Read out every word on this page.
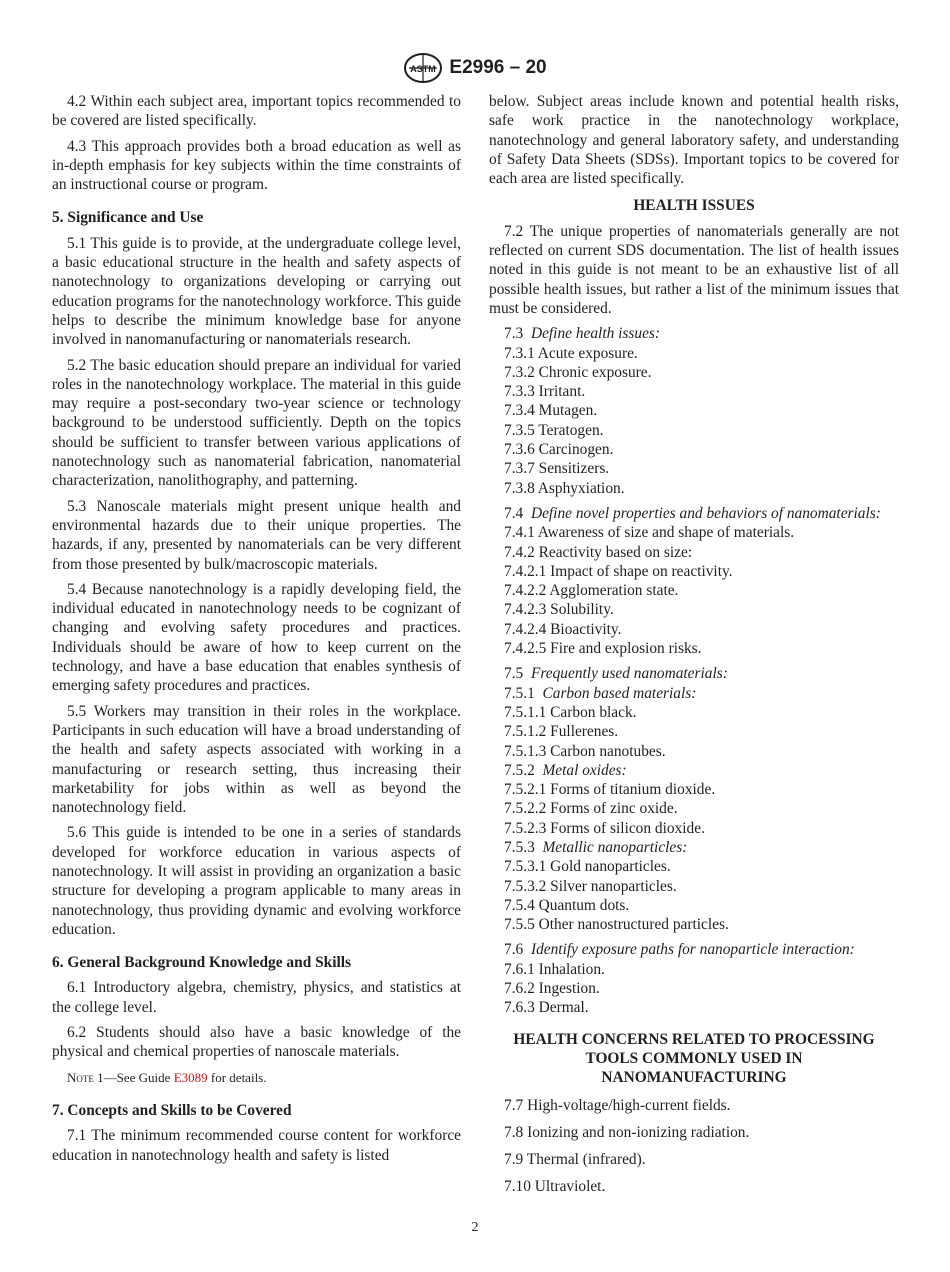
ASTM E2996 – 20

4.2 Within each subject area, important topics recommended to be covered are listed specifically.

4.3 This approach provides both a broad education as well as in-depth emphasis for key subjects within the time constraints of an instructional course or program.

5. Significance and Use

5.1 This guide is to provide, at the undergraduate college level, a basic educational structure in the health and safety aspects of nanotechnology to organizations developing or carrying out education programs for the nanotechnology workforce. This guide helps to describe the minimum knowledge base for anyone involved in nanomanufacturing or nanomaterials research.

5.2 The basic education should prepare an individual for varied roles in the nanotechnology workplace. The material in this guide may require a post-secondary two-year science or technology background to be understood sufficiently. Depth on the topics should be sufficient to transfer between various applications of nanotechnology such as nanomaterial fabrication, nanomaterial characterization, nanolithography, and patterning.

5.3 Nanoscale materials might present unique health and environmental hazards due to their unique properties. The hazards, if any, presented by nanomaterials can be very different from those presented by bulk/macroscopic materials.

5.4 Because nanotechnology is a rapidly developing field, the individual educated in nanotechnology needs to be cognizant of changing and evolving safety procedures and practices. Individuals should be aware of how to keep current on the technology, and have a base education that enables synthesis of emerging safety procedures and practices.

5.5 Workers may transition in their roles in the workplace. Participants in such education will have a broad understanding of the health and safety aspects associated with working in a manufacturing or research setting, thus increasing their marketability for jobs within as well as beyond the nanotechnology field.

5.6 This guide is intended to be one in a series of standards developed for workforce education in various aspects of nanotechnology. It will assist in providing an organization a basic structure for developing a program applicable to many areas in nanotechnology, thus providing dynamic and evolving workforce education.

6. General Background Knowledge and Skills

6.1 Introductory algebra, chemistry, physics, and statistics at the college level.

6.2 Students should also have a basic knowledge of the physical and chemical properties of nanoscale materials.

Note 1—See Guide E3089 for details.
7. Concepts and Skills to be Covered

7.1 The minimum recommended course content for workforce education in nanotechnology health and safety is listed

below. Subject areas include known and potential health risks, safe work practice in the nanotechnology workplace, nanotechnology and general laboratory safety, and understanding of Safety Data Sheets (SDSs). Important topics to be covered for each area are listed specifically.

HEALTH ISSUES

7.2 The unique properties of nanomaterials generally are not reflected on current SDS documentation. The list of health issues noted in this guide is not meant to be an exhaustive list of all possible health issues, but rather a list of the minimum issues that must be considered.

7.3 Define health issues:
7.3.1 Acute exposure.
7.3.2 Chronic exposure.
7.3.3 Irritant.
7.3.4 Mutagen.
7.3.5 Teratogen.
7.3.6 Carcinogen.
7.3.7 Sensitizers.
7.3.8 Asphyxiation.
7.4 Define novel properties and behaviors of nanomaterials:
7.4.1 Awareness of size and shape of materials.
7.4.2 Reactivity based on size:
7.4.2.1 Impact of shape on reactivity.
7.4.2.2 Agglomeration state.
7.4.2.3 Solubility.
7.4.2.4 Bioactivity.
7.4.2.5 Fire and explosion risks.
7.5 Frequently used nanomaterials:
7.5.1 Carbon based materials:
7.5.1.1 Carbon black.
7.5.1.2 Fullerenes.
7.5.1.3 Carbon nanotubes.
7.5.2 Metal oxides:
7.5.2.1 Forms of titanium dioxide.
7.5.2.2 Forms of zinc oxide.
7.5.2.3 Forms of silicon dioxide.
7.5.3 Metallic nanoparticles:
7.5.3.1 Gold nanoparticles.
7.5.3.2 Silver nanoparticles.
7.5.4 Quantum dots.
7.5.5 Other nanostructured particles.
7.6 Identify exposure paths for nanoparticle interaction:
7.6.1 Inhalation.
7.6.2 Ingestion.
7.6.3 Dermal.
HEALTH CONCERNS RELATED TO PROCESSING
TOOLS COMMONLY USED IN
NANOMANUFACTURING
7.7 High-voltage/high-current fields.
7.8 Ionizing and non-ionizing radiation.
7.9 Thermal (infrared).
7.10 Ultraviolet.
2
